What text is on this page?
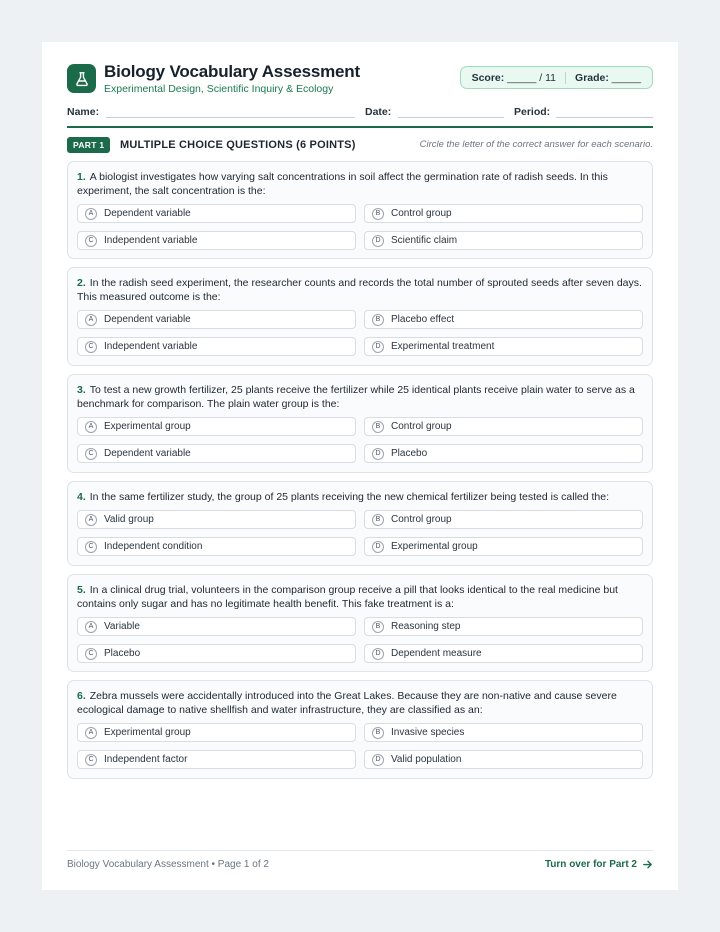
Biology Vocabulary Assessment
Experimental Design, Scientific Inquiry & Ecology
Score:
_____ / 11 Grade:
_____
Name:	Date:	Period:
PART 1	MULTIPLE CHOICE QUESTIONS (6 POINTS)	Circle the letter of the correct answer for each scenario.
1. A biologist investigates how varying salt concentrations in soil affect the germination rate of radish seeds. In this experiment, the salt concentration is the:
A	Dependent variable	B	Control group
C	Independent variable	D	Scientific claim
2. In the radish seed experiment, the researcher counts and records the total number of sprouted seeds after seven days. This measured outcome is the:
A	Dependent variable	B	Placebo effect
C	Independent variable	D	Experimental treatment
3. To test a new growth fertilizer, 25 plants receive the fertilizer while 25 identical plants receive plain water to serve as a benchmark for comparison. The plain water group is the:
A	Experimental group	B	Control group
C	Dependent variable	D	Placebo
4. In the same fertilizer study, the group of 25 plants receiving the new chemical fertilizer being tested is called the:
A	Valid group	B	Control group
C	Independent condition	D	Experimental group
5. In a clinical drug trial, volunteers in the comparison group receive a pill that looks identical to the real medicine but contains only sugar and has no legitimate health benefit. This fake treatment is a:
A	Variable	B	Reasoning step
C	Placebo	D	Dependent measure
6. Zebra mussels were accidentally introduced into the Great Lakes. Because they are non-native and cause severe ecological damage to native shellfish and water infrastructure, they are classified as an:
A	Experimental group	B	Invasive species
C	Independent factor	D	Valid population
Biology Vocabulary Assessment • Page 1 of 2	Turn over for Part 2
